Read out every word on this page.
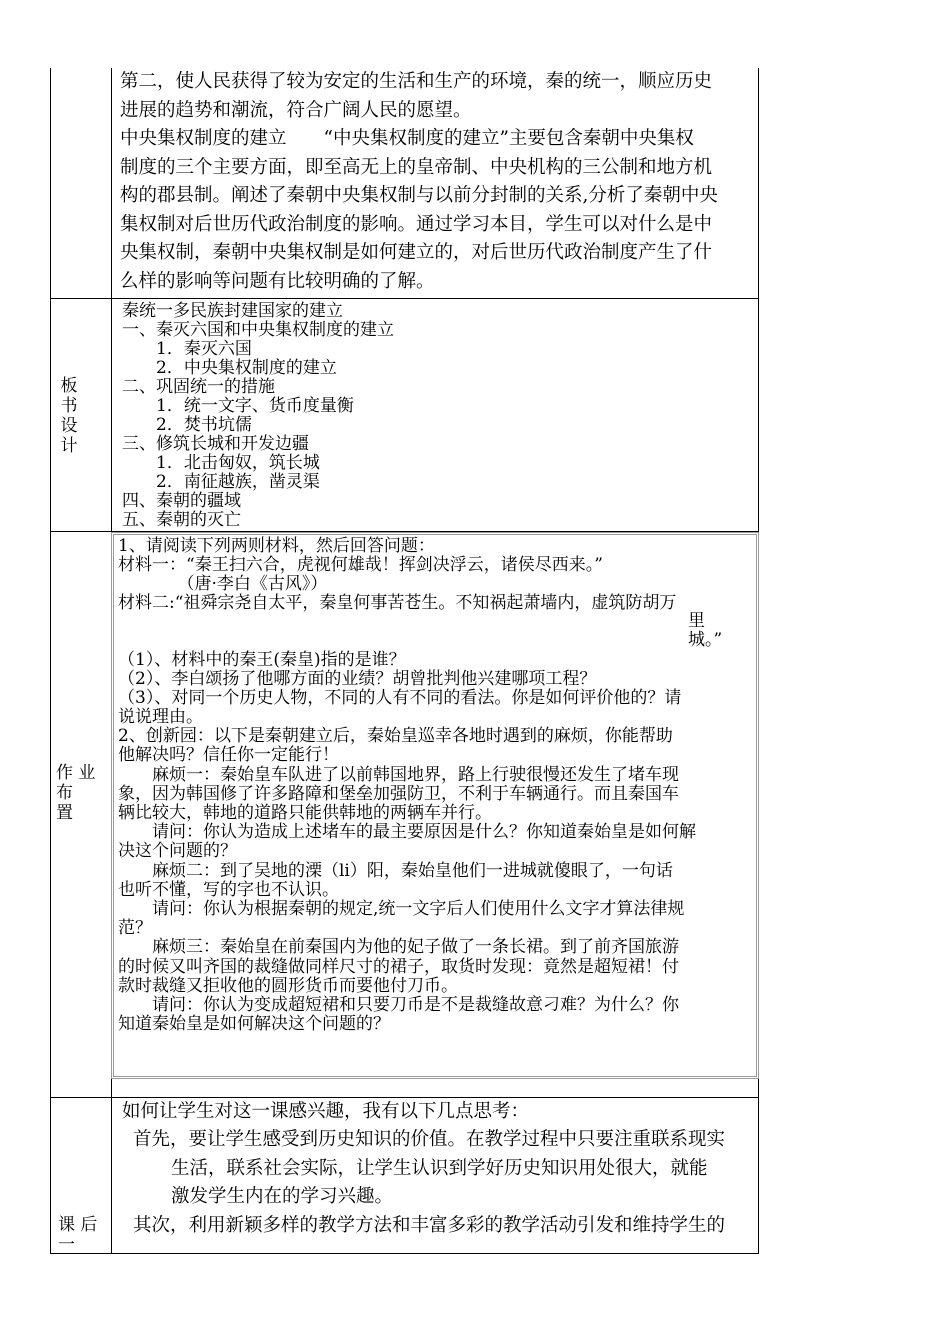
第二，使人民获得了较为安定的生活和生产的环境，秦的统一，顺应历史
进展的趋势和潮流，符合广阔人民的愿望。
中央集权制度的建立　　“中央集权制度的建立”主要包含秦朝中央集权
制度的三个主要方面，即至高无上的皇帝制、中央机构的三公制和地方机
构的郡县制。阐述了秦朝中央集权制与以前分封制的关系,分析了秦朝中央
集权制对后世历代政治制度的影响。通过学习本目，学生可以对什么是中
央集权制，秦朝中央集权制是如何建立的，对后世历代政治制度产生了什
么样的影响等问题有比较明确的了解。
板
书
设
计
秦统一多民族封建国家的建立
一、秦灭六国和中央集权制度的建立
　　1．秦灭六国
　　2．中央集权制度的建立
二、巩固统一的措施
　　1．统一文字、货币度量衡
　　2．焚书坑儒
三、修筑长城和开发边疆
　　1．北击匈奴，筑长城
　　2．南征越族，凿灵渠
四、秦朝的疆域
五、秦朝的灭亡
作 业
布
置
1、请阅读下列两则材料，然后回答问题：
材料一：“秦王扫六合，虎视何雄哉！挥剑决浮云，诸侯尽西来。”
　　　　（唐·李白《古风》）
材料二:“祖舜宗尧自太平，秦皇何事苦苍生。不知祸起萧墙内，虚筑防胡万
里
城。”
（1）、材料中的秦王(秦皇)指的是谁？
（2）、李白颂扬了他哪方面的业绩？胡曾批判他兴建哪项工程？
（3）、对同一个历史人物，不同的人有不同的看法。你是如何评价他的？请
说说理由。
2、创新园：以下是秦朝建立后，秦始皇巡幸各地时遇到的麻烦，你能帮助
他解决吗？信任你一定能行！
　　麻烦一：秦始皇车队进了以前韩国地界，路上行驶很慢还发生了堵车现
象，因为韩国修了许多路障和堡垒加强防卫，不利于车辆通行。而且秦国车
辆比较大，韩地的道路只能供韩地的两辆车并行。
　　请问：你认为造成上述堵车的最主要原因是什么？你知道秦始皇是如何解
决这个问题的？
　　麻烦二：到了吴地的溧（li）阳，秦始皇他们一进城就傻眼了，一句话
也听不懂，写的字也不认识。
　　请问：你认为根据秦朝的规定,统一文字后人们使用什么文字才算法律规
范？
　　麻烦三：秦始皇在前秦国内为他的妃子做了一条长裙。到了前齐国旅游
的时候又叫齐国的裁缝做同样尺寸的裙子，取货时发现：竟然是超短裙！付
款时裁缝又拒收他的圆形货币而要他付刀币。
　　请问：你认为变成超短裙和只要刀币是不是裁缝故意刁难？为什么？你
知道秦始皇是如何解决这个问题的？
课 后
一
如何让学生对这一课感兴趣，我有以下几点思考：
首先，要让学生感受到历史知识的价值。在教学过程中只要注重联系现实
生活，联系社会实际，让学生认识到学好历史知识用处很大，就能
激发学生内在的学习兴趣。
其次，利用新颖多样的教学方法和丰富多彩的教学活动引发和维持学生的
